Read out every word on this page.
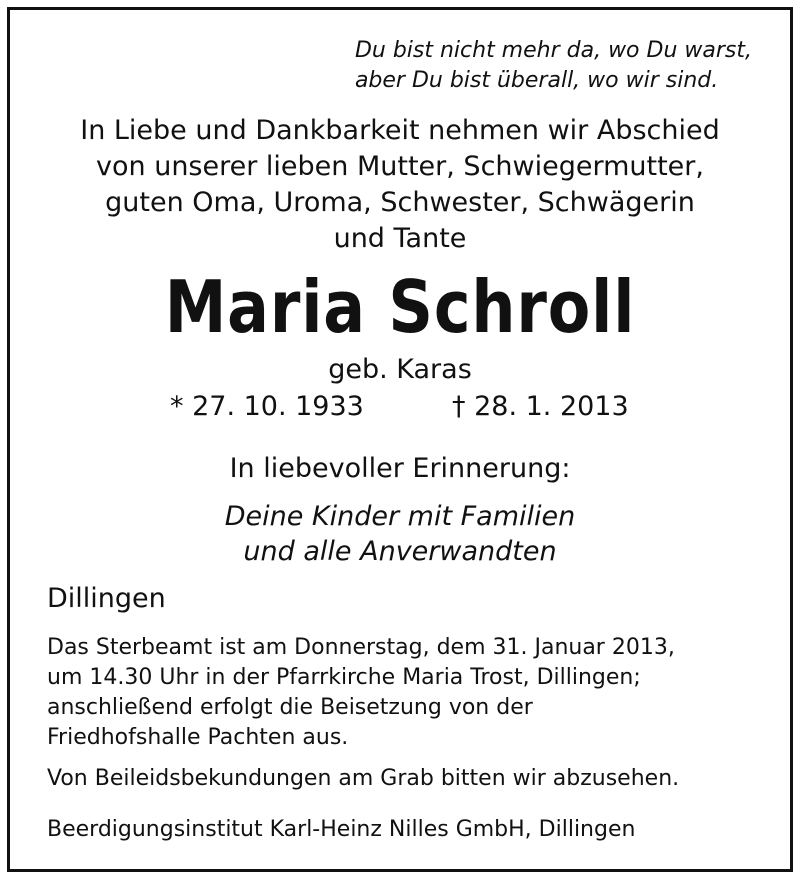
Du bist nicht mehr da, wo Du warst,
aber Du bist überall, wo wir sind.
In Liebe und Dankbarkeit nehmen wir Abschied
von unserer lieben Mutter, Schwiegermutter,
guten Oma, Uroma, Schwester, Schwägerin
und Tante
Maria Schroll
geb. Karas
* 27. 10. 1933	† 28. 1. 2013
In liebevoller Erinnerung:
Deine Kinder mit Familien
und alle Anverwandten
Dillingen
Das Sterbeamt ist am Donnerstag, dem 31. Januar 2013,
um 14.30 Uhr in der Pfarrkirche Maria Trost, Dillingen;
anschließend erfolgt die Beisetzung von der
Friedhofshalle Pachten aus.
Von Beileidsbekundungen am Grab bitten wir abzusehen.
Beerdigungsinstitut Karl-Heinz Nilles GmbH, Dillingen
